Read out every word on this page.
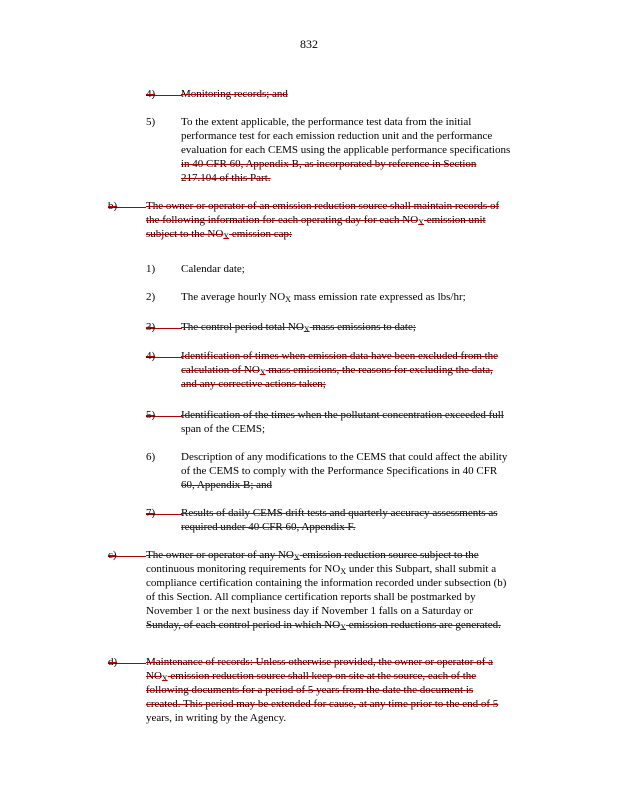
832
4) Monitoring records; and
5) To the extent applicable, the performance test data from the initial
performance test for each emission reduction unit and the performance
evaluation for each CEMS using the applicable performance specifications
in 40 CFR 60, Appendix B, as incorporated by reference in Section
217.104 of this Part.
b)	The owner or operator of an emission reduction source shall maintain records of
the following information for each operating day for each $NO_X$ emission unit
subject to the $NO_X$ emission cap:
1) Calendar date;
2) The average hourly $NO_X$ mass emission rate expressed as lbs/hr;
3) The control period total $NO_X$ mass emissions to date;
4) Identification of times when emission data have been excluded from the
calculation of $NO_X$ mass emissions, the reasons for excluding the data,
and any corrective actions taken;
5) Identification of the times when the pollutant concentration exceeded full
span of the CEMS;
6) Description of any modifications to the CEMS that could affect the ability
of the CEMS to comply with the Performance Specifications in 40 CFR
60, Appendix B; and
7) Results of daily CEMS drift tests and quarterly accuracy assessments as
required under 40 CFR 60, Appendix F.
c)	The owner or operator of any $NO_X$ emission reduction source subject to the
continuous monitoring requirements for $NO_X$ under this Subpart, shall submit a
compliance certification containing the information recorded under subsection (b)
of this Section. All compliance certification reports shall be postmarked by
November 1 or the next business day if November 1 falls on a Saturday or
Sunday, of each control period in which $NO_X$ emission reductions are generated.
d)	Maintenance of records: Unless otherwise provided, the owner or operator of a
$NO_X$ emission reduction source shall keep on site at the source, each of the
following documents for a period of 5 years from the date the document is
created. This period may be extended for cause, at any time prior to the end of 5
years, in writing by the Agency.
